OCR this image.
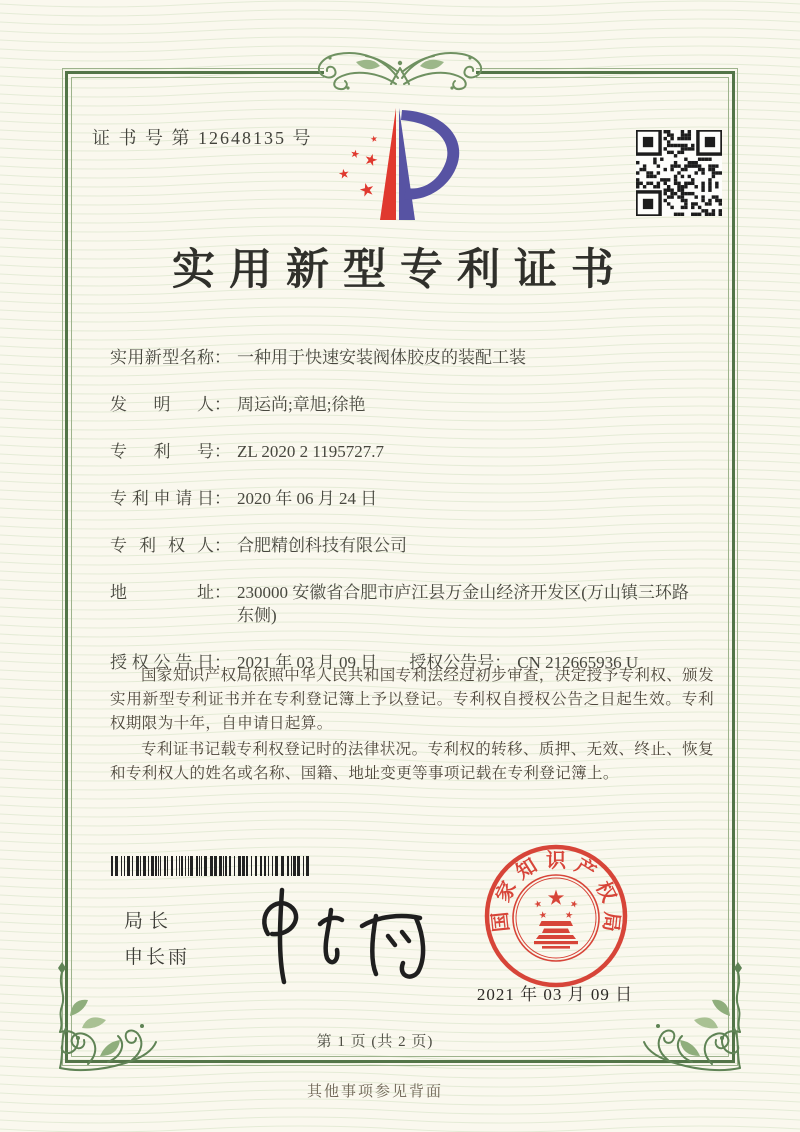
证 书 号 第 12648135 号
实用新型专利证书
实用新型名称 ： 一种用于快速安装阀体胶皮的装配工装
发明人 ： 周运尚;章旭;徐艳
专利号 ： ZL 2020 2 1195727.7
专利申请日 ： 2020 年 06 月 24 日
专利权人 ： 合肥精创科技有限公司
地址 ： 230000 安徽省合肥市庐江县万金山经济开发区(万山镇三环路东侧)
授权公告日 ： 2021 年 03 月 09 日 授权公告号 ： CN 212665936 U

国家知识产权局依照中华人民共和国专利法经过初步审查，决定授予专利权、颁发实用新型专利证书并在专利登记簿上予以登记。专利权自授权公告之日起生效。专利权期限为十年，自申请日起算。

专利证书记载专利权登记时的法律状况。专利权的转移、质押、无效、终止、恢复和专利权人的姓名或名称、国籍、地址变更等事项记载在专利登记簿上。

局长
申长雨
国
家
知 识 产
权
局
2021 年 03 月 09 日
第 1 页 (共 2 页)
其他事项参见背面
